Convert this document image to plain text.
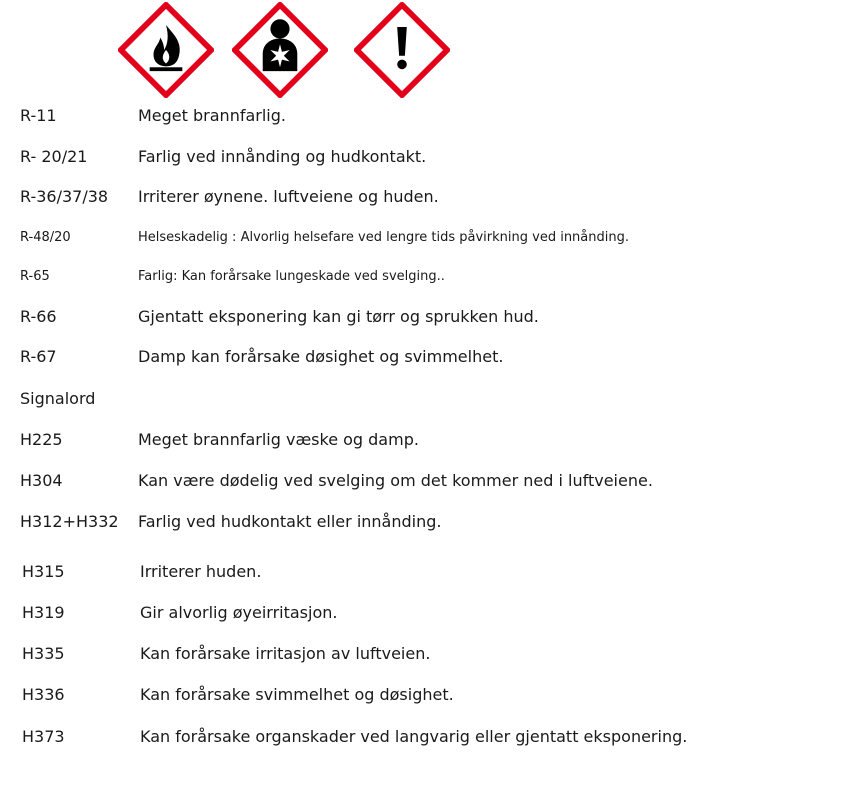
R-11	Meget brannfarlig.
R- 20/21	Farlig ved innånding og hudkontakt.
R-36/37/38 Irriterer øynene. luftveiene og huden.
R-48/20	Helseskadelig : Alvorlig helsefare ved lengre tids påvirkning ved innånding.
R-65	Farlig: Kan forårsake lungeskade ved svelging..
R-66	Gjentatt eksponering kan gi tørr og sprukken hud.
R-67	Damp kan forårsake døsighet og svimmelhet.
Signalord
H225	Meget brannfarlig væske og damp.
H304	Kan være dødelig ved svelging om det kommer ned i luftveiene.
H312+H332 Farlig ved hudkontakt eller innånding.
H315	Irriterer huden.
H319	Gir alvorlig øyeirritasjon.
H335	Kan forårsake irritasjon av luftveien.
H336	Kan forårsake svimmelhet og døsighet.
H373	Kan forårsake organskader ved langvarig eller gjentatt eksponering.
